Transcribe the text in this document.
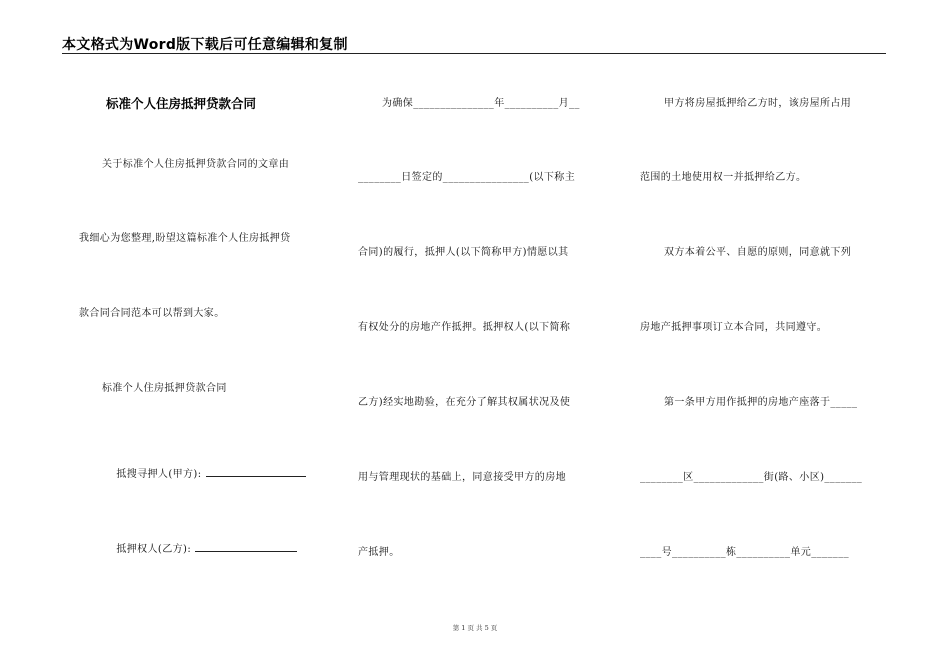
本文格式为Word版下载后可任意编辑和复制
标准个人住房抵押贷款合同
关于标准个人住房抵押贷款合同的文章由
我细心为您整理,盼望这篇标准个人住房抵押贷
款合同合同范本可以帮到大家。
标准个人住房抵押贷款合同

抵搜寻押人(甲方):

抵押权人(乙方):

为确保_______________年__________月__
________日签定的________________(以下称主
合同)的履行，抵押人(以下简称甲方)情愿以其
有权处分的房地产作抵押。抵押权人(以下简称
乙方)经实地勘验，在充分了解其权属状况及使
用与管理现状的基础上，同意接受甲方的房地
产抵押。
甲方将房屋抵押给乙方时，该房屋所占用
范围的土地使用权一并抵押给乙方。
双方本着公平、自愿的原则，同意就下列
房地产抵押事项订立本合同，共同遵守。
第一条甲方用作抵押的房地产座落于_____
________区_____________街(路、小区)_______
____号__________栋__________单元_______
第 1 页 共 5 页
